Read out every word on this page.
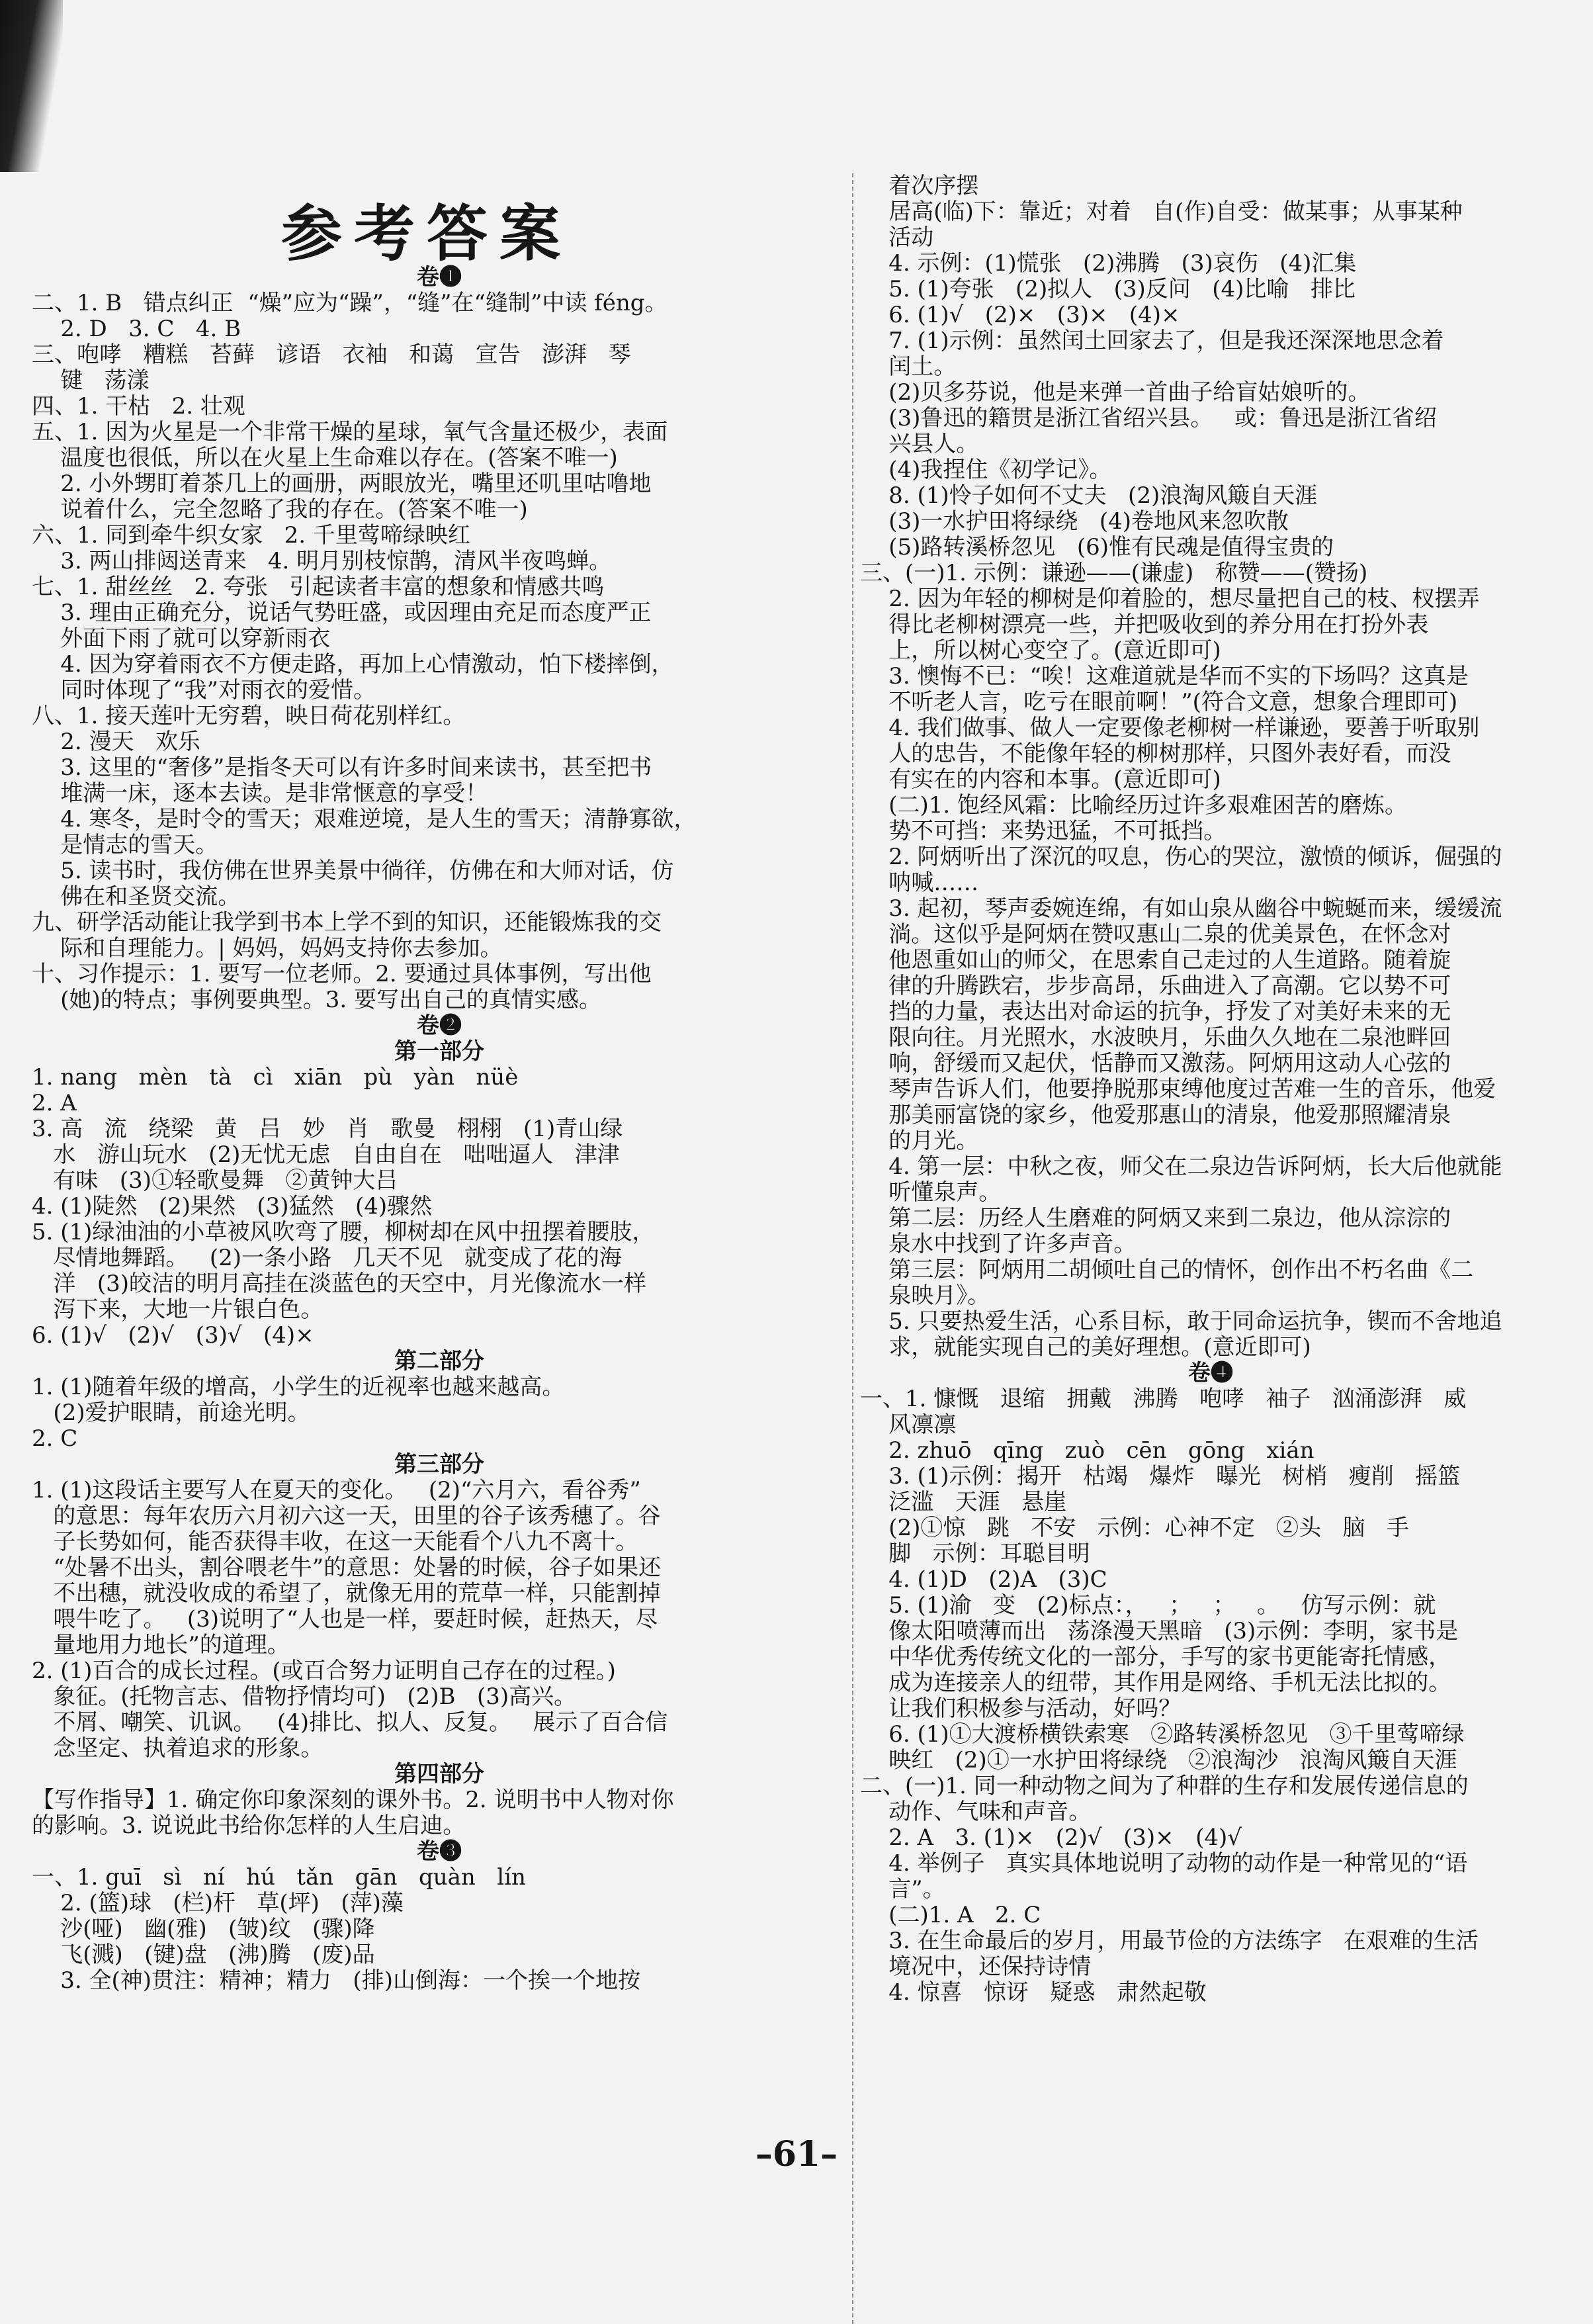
参考答案
卷❶
二、1. B   错点纠正  “燥”应为“躁”，“缝”在“缝制”中读 féng。
2. D   3. C   4. B
三、咆哮   糟糕   苔藓   谚语   衣袖   和蔼   宣告   澎湃   琴
键   荡漾
四、1. 干枯   2. 壮观
五、1. 因为火星是一个非常干燥的星球，氧气含量还极少，表面
温度也很低，所以在火星上生命难以存在。(答案不唯一)
2. 小外甥盯着茶几上的画册，两眼放光，嘴里还叽里咕噜地
说着什么，完全忽略了我的存在。(答案不唯一)
六、1. 同到牵牛织女家   2. 千里莺啼绿映红
3. 两山排闼送青来   4. 明月别枝惊鹊，清风半夜鸣蝉。
七、1. 甜丝丝   2. 夸张   引起读者丰富的想象和情感共鸣
3. 理由正确充分，说话气势旺盛，或因理由充足而态度严正
外面下雨了就可以穿新雨衣
4. 因为穿着雨衣不方便走路，再加上心情激动，怕下楼摔倒，
同时体现了“我”对雨衣的爱惜。
八、1. 接天莲叶无穷碧，映日荷花别样红。
2. 漫天   欢乐
3. 这里的“奢侈”是指冬天可以有许多时间来读书，甚至把书
堆满一床，逐本去读。是非常惬意的享受！
4. 寒冬，是时令的雪天；艰难逆境，是人生的雪天；清静寡欲，
是情志的雪天。
5. 读书时，我仿佛在世界美景中徜徉，仿佛在和大师对话，仿
佛在和圣贤交流。
九、研学活动能让我学到书本上学不到的知识，还能锻炼我的交
际和自理能力。| 妈妈，妈妈支持你去参加。
十、习作提示：1. 要写一位老师。2. 要通过具体事例，写出他
(她)的特点；事例要典型。3. 要写出自己的真情实感。
卷❷
第一部分
1. nang   mèn   tà   cì   xiān   pù   yàn   nüè
2. A
3. 高   流   绕梁   黄   吕   妙   肖   歌曼   栩栩   (1)青山绿
水   游山玩水   (2)无忧无虑   自由自在   咄咄逼人   津津
有味   (3)①轻歌曼舞   ②黄钟大吕
4. (1)陡然   (2)果然   (3)猛然   (4)骤然
5. (1)绿油油的小草被风吹弯了腰，柳树却在风中扭摆着腰肢，
尽情地舞蹈。   (2)一条小路   几天不见   就变成了花的海
洋   (3)皎洁的明月高挂在淡蓝色的天空中，月光像流水一样
泻下来，大地一片银白色。
6. (1)√   (2)√   (3)√   (4)×
第二部分
1. (1)随着年级的增高，小学生的近视率也越来越高。
(2)爱护眼睛，前途光明。
2. C
第三部分
1. (1)这段话主要写人在夏天的变化。   (2)“六月六，看谷秀”
的意思：每年农历六月初六这一天，田里的谷子该秀穗了。谷
子长势如何，能否获得丰收，在这一天能看个八九不离十。
“处暑不出头，割谷喂老牛”的意思：处暑的时候，谷子如果还
不出穗，就没收成的希望了，就像无用的荒草一样，只能割掉
喂牛吃了。   (3)说明了“人也是一样，要赶时候，赶热天，尽
量地用力地长”的道理。
2. (1)百合的成长过程。(或百合努力证明自己存在的过程。)
象征。(托物言志、借物抒情均可)   (2)B   (3)高兴。
不屑、嘲笑、讥讽。   (4)排比、拟人、反复。   展示了百合信
念坚定、执着追求的形象。
第四部分
【写作指导】1. 确定你印象深刻的课外书。2. 说明书中人物对你
的影响。3. 说说此书给你怎样的人生启迪。
卷❸
一、1. guī   sì   ní   hú   tǎn   gān   quàn   lín
2. (篮)球   (栏)杆   草(坪)   (萍)藻
沙(哑)   幽(雅)   (皱)纹   (骤)降
飞(溅)   (键)盘   (沸)腾   (废)品
3. 全(神)贯注：精神；精力   (排)山倒海：一个挨一个地按
着次序摆
居高(临)下：靠近；对着   自(作)自受：做某事；从事某种
活动
4. 示例：(1)慌张   (2)沸腾   (3)哀伤   (4)汇集
5. (1)夸张   (2)拟人   (3)反问   (4)比喻   排比
6. (1)√   (2)×   (3)×   (4)×
7. (1)示例：虽然闰土回家去了，但是我还深深地思念着
闰土。
(2)贝多芬说，他是来弹一首曲子给盲姑娘听的。
(3)鲁迅的籍贯是浙江省绍兴县。   或：鲁迅是浙江省绍
兴县人。
(4)我捏住《初学记》。
8. (1)怜子如何不丈夫   (2)浪淘风簸自天涯
(3)一水护田将绿绕   (4)卷地风来忽吹散
(5)路转溪桥忽见   (6)惟有民魂是值得宝贵的
三、(一)1. 示例：谦逊——(谦虚)   称赞——(赞扬)
2. 因为年轻的柳树是仰着脸的，想尽量把自己的枝、杈摆弄
得比老柳树漂亮一些，并把吸收到的养分用在打扮外表
上，所以树心变空了。(意近即可)
3. 懊悔不已：“唉！这难道就是华而不实的下场吗？这真是
不听老人言，吃亏在眼前啊！”(符合文意，想象合理即可)
4. 我们做事、做人一定要像老柳树一样谦逊，要善于听取别
人的忠告，不能像年轻的柳树那样，只图外表好看，而没
有实在的内容和本事。(意近即可)
(二)1. 饱经风霜：比喻经历过许多艰难困苦的磨炼。
势不可挡：来势迅猛，不可抵挡。
2. 阿炳听出了深沉的叹息，伤心的哭泣，激愤的倾诉，倔强的
呐喊……
3. 起初，琴声委婉连绵，有如山泉从幽谷中蜿蜒而来，缓缓流
淌。这似乎是阿炳在赞叹惠山二泉的优美景色，在怀念对
他恩重如山的师父，在思索自己走过的人生道路。随着旋
律的升腾跌宕，步步高昂，乐曲进入了高潮。它以势不可
挡的力量，表达出对命运的抗争，抒发了对美好未来的无
限向往。月光照水，水波映月，乐曲久久地在二泉池畔回
响，舒缓而又起伏，恬静而又激荡。阿炳用这动人心弦的
琴声告诉人们，他要挣脱那束缚他度过苦难一生的音乐，他爱
那美丽富饶的家乡，他爱那惠山的清泉，他爱那照耀清泉
的月光。
4. 第一层：中秋之夜，师父在二泉边告诉阿炳，长大后他就能
听懂泉声。
第二层：历经人生磨难的阿炳又来到二泉边，他从淙淙的
泉水中找到了许多声音。
第三层：阿炳用二胡倾吐自己的情怀，创作出不朽名曲《二
泉映月》。
5. 只要热爱生活，心系目标，敢于同命运抗争，锲而不舍地追
求，就能实现自己的美好理想。(意近即可)
卷❹
一、1. 慷慨   退缩   拥戴   沸腾   咆哮   袖子   汹涌澎湃   威
风凛凛
2. zhuō   qīng   zuò   cēn   gōng   xián
3. (1)示例：揭开   枯竭   爆炸   曝光   树梢   瘦削   摇篮
泛滥   天涯   悬崖
(2)①惊   跳   不安   示例：心神不定   ②头   脑   手
脚   示例：耳聪目明
4. (1)D   (2)A   (3)C
5. (1)渝   变   (2)标点：，   ；   ；   。   仿写示例：就
像太阳喷薄而出   荡涤漫天黑暗   (3)示例：李明，家书是
中华优秀传统文化的一部分，手写的家书更能寄托情感，
成为连接亲人的纽带，其作用是网络、手机无法比拟的。
让我们积极参与活动，好吗？
6. (1)①大渡桥横铁索寒   ②路转溪桥忽见   ③千里莺啼绿
映红   (2)①一水护田将绿绕   ②浪淘沙   浪淘风簸自天涯
二、(一)1. 同一种动物之间为了种群的生存和发展传递信息的
动作、气味和声音。
2. A   3. (1)×   (2)√   (3)×   (4)√
4. 举例子   真实具体地说明了动物的动作是一种常见的“语
言”。
(二)1. A   2. C
3. 在生命最后的岁月，用最节俭的方法练字   在艰难的生活
境况中，还保持诗情
4. 惊喜   惊讶   疑惑   肃然起敬
–61–
